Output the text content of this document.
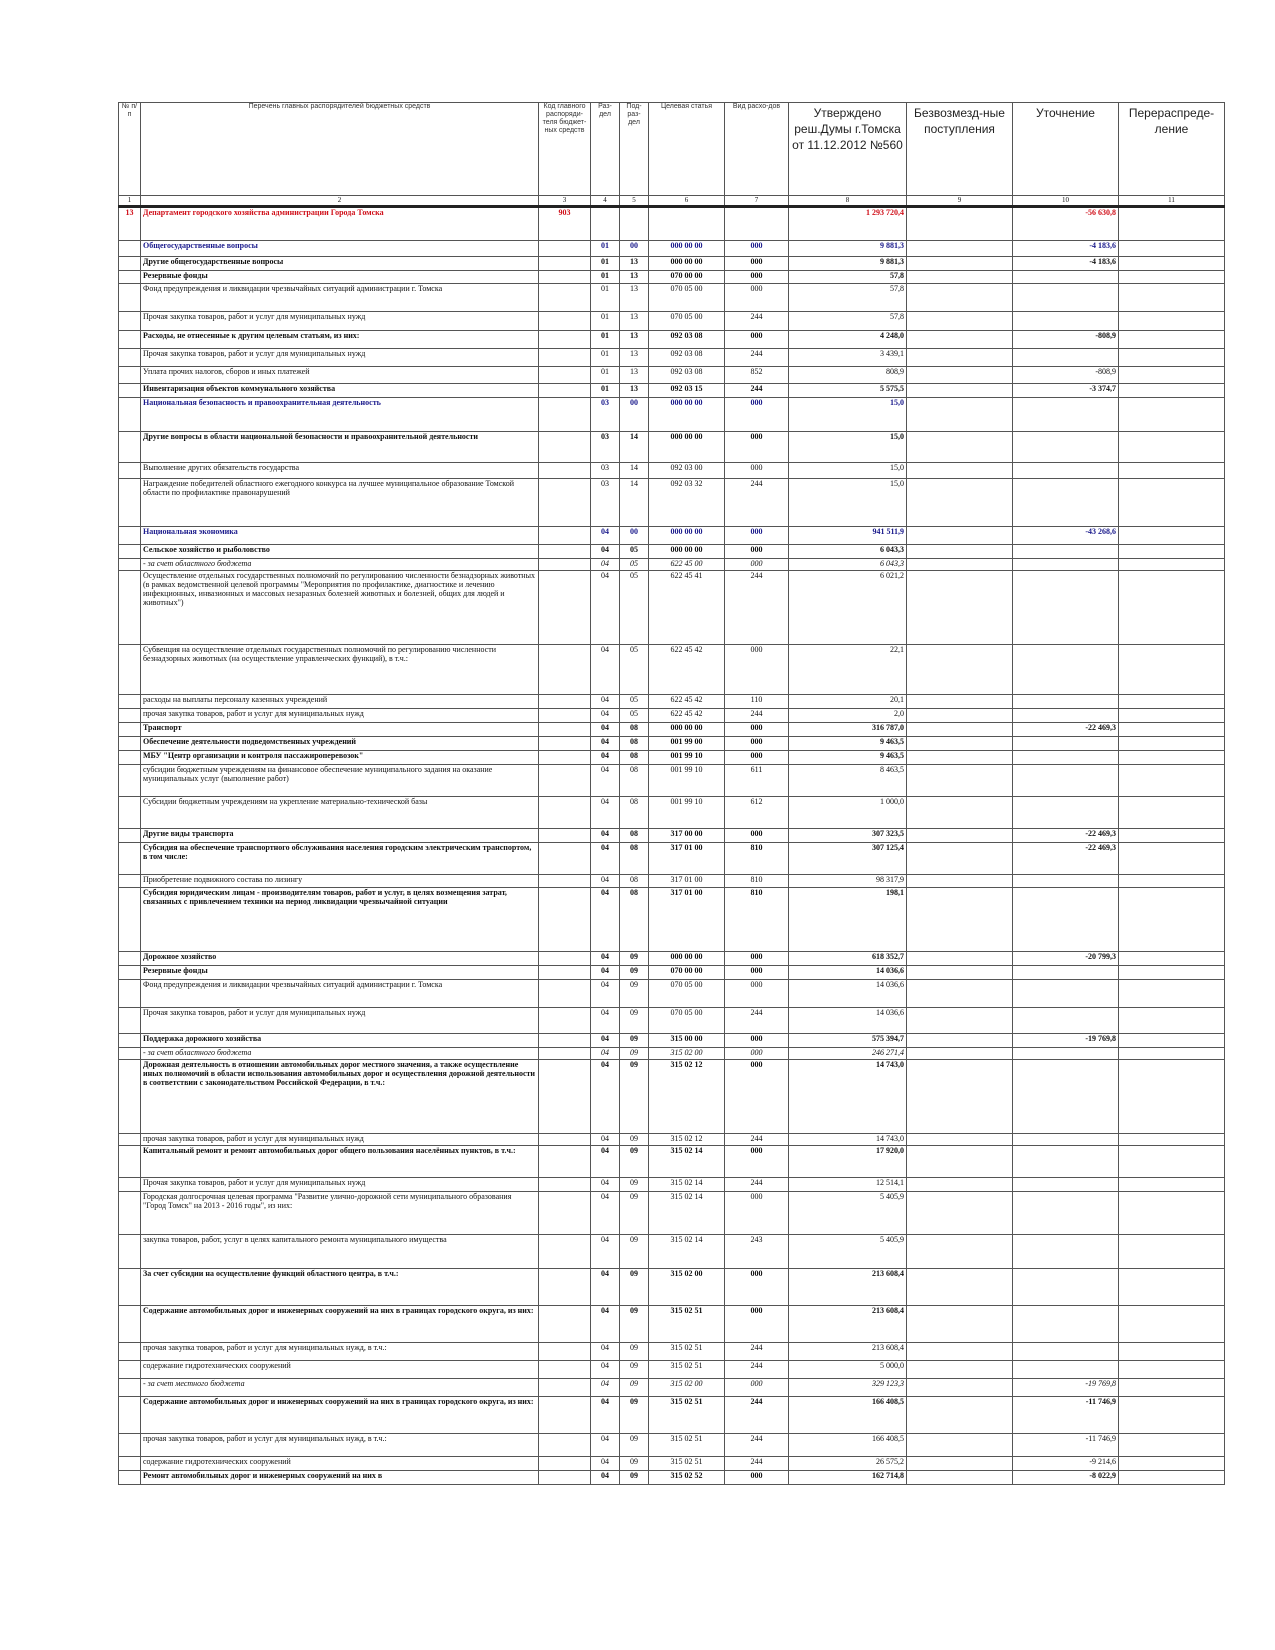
№ п/п	Перечень главных распорядителей бюджетных средств	Код главного распоряди-теля бюджет-ных средств	Раз-дел	Под-раз-дел	Целевая статья	Вид расхо-дов	Утверждено реш.Думы г.Томска от 11.12.2012 №560	Безвозмезд-ные поступления	Уточнение	Перераспреде-ление
1	2	3	4	5	6	7	8	9	10	11
13	Департамент городского хозяйства администрации Города Томска	903					1 293 720,4		-56 630,8	
	Общегосударственные вопросы		01	00	000 00 00	000	9 881,3		-4 183,6	
	Другие общегосударственные вопросы		01	13	000 00 00	000	9 881,3		-4 183,6	
	Резервные фонды		01	13	070 00 00	000	57,8			
	Фонд предупреждения и ликвидации чрезвычайных ситуаций администрации г. Томска		01	13	070 05 00	000	57,8			
	Прочая закупка товаров, работ и услуг для муниципальных нужд		01	13	070 05 00	244	57,8			
	Расходы, не отнесенные к другим целевым статьям, из них:		01	13	092 03 08	000	4 248,0		-808,9	
	Прочая закупка товаров, работ и услуг для муниципальных нужд		01	13	092 03 08	244	3 439,1			
	Уплата прочих налогов, сборов и иных платежей		01	13	092 03 08	852	808,9		-808,9	
	Инвентаризация объектов коммунального хозяйства		01	13	092 03 15	244	5 575,5		-3 374,7	
	Национальная безопасность и правоохранительная деятельность		03	00	000 00 00	000	15,0			
	Другие вопросы в области национальной безопасности и правоохранительной деятельности		03	14	000 00 00	000	15,0			
	Выполнение других обязательств государства		03	14	092 03 00	000	15,0			
	Награждение победителей областного ежегодного конкурса на лучшее муниципальное образование Томской области по профилактике правонарушений		03	14	092 03 32	244	15,0			
	Национальная экономика		04	00	000 00 00	000	941 511,9		-43 268,6	
	Сельское хозяйство и рыболовство		04	05	000 00 00	000	6 043,3			
	- за счет областного бюджета		04	05	622 45 00	000	6 043,3			
	Осуществление отдельных государственных полномочий по регулированию численности безнадзорных животных (в рамках ведомственной целевой программы "Мероприятия по профилактике, диагностике и лечению инфекционных, инвазионных и массовых незаразных болезней животных и болезней, общих для людей и животных")		04	05	622 45 41	244	6 021,2			
	Субвенция на осуществление отдельных государственных полномочий по регулированию численности безнадзорных животных (на осуществление управленческих функций), в т.ч.:		04	05	622 45 42	000	22,1			
	расходы на выплаты персоналу казенных учреждений		04	05	622 45 42	110	20,1			
	прочая закупка товаров, работ и услуг для муниципальных нужд		04	05	622 45 42	244	2,0			
	Транспорт		04	08	000 00 00	000	316 787,0		-22 469,3	
	Обеспечение деятельности подведомственных учреждений		04	08	001 99 00	000	9 463,5			
	МБУ "Центр организации и контроля пассажироперевозок"		04	08	001 99 10	000	9 463,5			
	субсидии бюджетным учреждениям на финансовое обеспечение муниципального задания на оказание муниципальных услуг (выполнение работ)		04	08	001 99 10	611	8 463,5			
	Субсидии бюджетным учреждениям на укрепление материально-технической базы		04	08	001 99 10	612	1 000,0			
	Другие виды транспорта		04	08	317 00 00	000	307 323,5		-22 469,3	
	Субсидия на обеспечение транспортного обслуживания населения городским электрическим транспортом, в том числе:		04	08	317 01 00	810	307 125,4		-22 469,3	
	Приобретение подвижного состава по лизингу		04	08	317 01 00	810	98 317,9			
	Субсидия юридическим лицам - производителям товаров, работ и услуг, в целях возмещения затрат, связанных с привлечением техники на период ликвидации чрезвычайной ситуации		04	08	317 01 00	810	198,1			
	Дорожное хозяйство		04	09	000 00 00	000	618 352,7		-20 799,3	
	Резервные фонды		04	09	070 00 00	000	14 036,6			
	Фонд предупреждения и ликвидации чрезвычайных ситуаций администрации г. Томска		04	09	070 05 00	000	14 036,6			
	Прочая закупка товаров, работ и услуг для муниципальных нужд		04	09	070 05 00	244	14 036,6			
	Поддержка дорожного хозяйства		04	09	315 00 00	000	575 394,7		-19 769,8	
	- за счет областного бюджета		04	09	315 02 00	000	246 271,4			
	Дорожная деятельность в отношении автомобильных дорог местного значения, а также осуществление иных полномочий в области использования автомобильных дорог и осуществления дорожной деятельности в соответствии с законодательством Российской Федерации, в т.ч.:		04	09	315 02 12	000	14 743,0			
	прочая закупка товаров, работ и услуг для муниципальных нужд		04	09	315 02 12	244	14 743,0			
	Капитальный ремонт и ремонт автомобильных дорог общего пользования населённых пунктов, в т.ч.:		04	09	315 02 14	000	17 920,0			
	Прочая закупка товаров, работ и услуг для муниципальных нужд		04	09	315 02 14	244	12 514,1			
	Городская долгосрочная целевая программа "Развитие улично-дорожной сети муниципального образования "Город Томск" на 2013 - 2016 годы", из них:		04	09	315 02 14	000	5 405,9			
	закупка товаров, работ, услуг в целях капитального ремонта муниципального имущества		04	09	315 02 14	243	5 405,9			
	За счет субсидии на осуществление функций областного центра, в т.ч.:		04	09	315 02 00	000	213 608,4			
	Содержание автомобильных дорог и инженерных сооружений на них в границах городского округа, из них:		04	09	315 02 51	000	213 608,4			
	прочая закупка товаров, работ и услуг для муниципальных нужд, в т.ч.:		04	09	315 02 51	244	213 608,4			
	содержание гидротехнических сооружений		04	09	315 02 51	244	5 000,0			
	- за счет местного бюджета		04	09	315 02 00	000	329 123,3		-19 769,8	
	Содержание автомобильных дорог и инженерных сооружений на них в границах городского округа, из них:		04	09	315 02 51	244	166 408,5		-11 746,9	
	прочая закупка товаров, работ и услуг для муниципальных нужд, в т.ч.:		04	09	315 02 51	244	166 408,5		-11 746,9	
	содержание гидротехнических сооружений		04	09	315 02 51	244	26 575,2		-9 214,6	
	Ремонт автомобильных дорог и инженерных сооружений на них в		04	09	315 02 52	000	162 714,8		-8 022,9	
